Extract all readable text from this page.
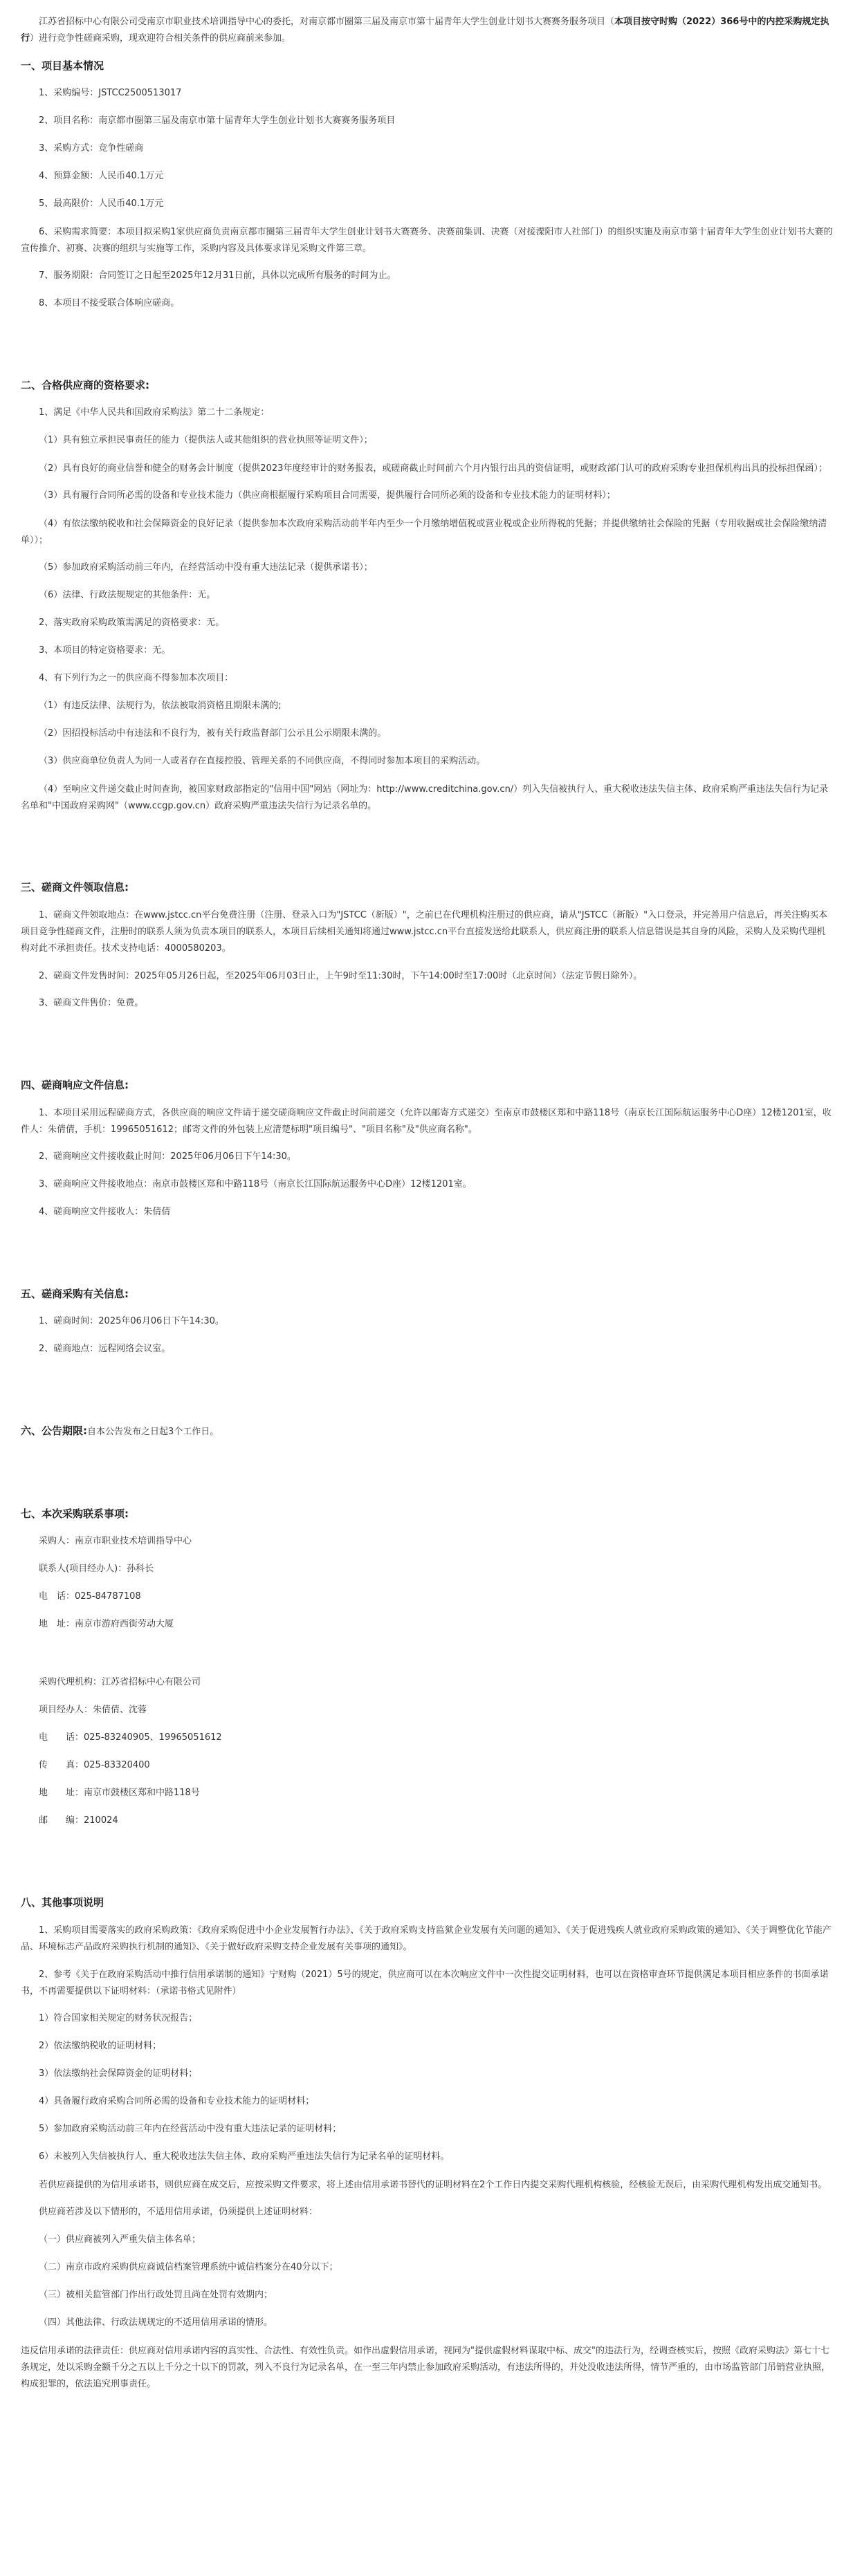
江苏省招标中心有限公司受南京市职业技术培训指导中心的委托，对南京都市圈第三届及南京市第十届青年大学生创业计划书大赛赛务服务项目（本项目按守时购（2022）366号中的内控采购规定执行）进行竞争性磋商采购，现欢迎符合相关条件的供应商前来参加。

一、项目基本情况

1、采购编号：JSTCC2500513017

2、项目名称：南京都市圈第三届及南京市第十届青年大学生创业计划书大赛赛务服务项目

3、采购方式：竞争性磋商

4、预算金额：人民币40.1万元

5、最高限价：人民币40.1万元

6、采购需求简要：本项目拟采购1家供应商负责南京都市圈第三届青年大学生创业计划书大赛赛务、决赛前集训、决赛（对接溧阳市人社部门）的组织实施及南京市第十届青年大学生创业计划书大赛的宣传推介、初赛、决赛的组织与实施等工作，采购内容及具体要求详见采购文件第三章。

7、服务期限：合同签订之日起至2025年12月31日前，具体以完成所有服务的时间为止。

8、本项目不接受联合体响应磋商。

二、合格供应商的资格要求:

1、满足《中华人民共和国政府采购法》第二十二条规定：

（1）具有独立承担民事责任的能力（提供法人或其他组织的营业执照等证明文件）；

（2）具有良好的商业信誉和健全的财务会计制度（提供2023年度经审计的财务报表，或磋商截止时间前六个月内银行出具的资信证明，或财政部门认可的政府采购专业担保机构出具的投标担保函）；

（3）具有履行合同所必需的设备和专业技术能力（供应商根据履行采购项目合同需要，提供履行合同所必须的设备和专业技术能力的证明材料）；

（4）有依法缴纳税收和社会保障资金的良好记录（提供参加本次政府采购活动前半年内至少一个月缴纳增值税或营业税或企业所得税的凭据；并提供缴纳社会保险的凭据（专用收据或社会保险缴纳清单））；

（5）参加政府采购活动前三年内，在经营活动中没有重大违法记录（提供承诺书）；

（6）法律、行政法规规定的其他条件：无。

2、落实政府采购政策需满足的资格要求：无。

3、本项目的特定资格要求：无。

4、有下列行为之一的供应商不得参加本次项目：

（1）有违反法律、法规行为，依法被取消资格且期限未满的;

（2）因招投标活动中有违法和不良行为，被有关行政监督部门公示且公示期限未满的。

（3）供应商单位负责人为同一人或者存在直接控股、管理关系的不同供应商，不得同时参加本项目的采购活动。

（4）至响应文件递交截止时间查询，被国家财政部指定的"信用中国"网站（网址为：http://www.creditchina.gov.cn/）列入失信被执行人、重大税收违法失信主体、政府采购严重违法失信行为记录名单和"中国政府采购网"（www.ccgp.gov.cn）政府采购严重违法失信行为记录名单的。

三、磋商文件领取信息:

1、磋商文件领取地点：在www.jstcc.cn平台免费注册（注册、登录入口为"JSTCC（新版）"，之前已在代理机构注册过的供应商，请从"JSTCC（新版）"入口登录，并完善用户信息后，再关注购买本项目竞争性磋商文件，注册时的联系人须为负责本项目的联系人，本项目后续相关通知将通过www.jstcc.cn平台直接发送给此联系人，供应商注册的联系人信息错误是其自身的风险，采购人及采购代理机构对此不承担责任。技术支持电话：4000580203。

2、磋商文件发售时间：2025年05月26日起，至2025年06月03日止，上午9时至11:30时，下午14:00时至17:00时（北京时间）（法定节假日除外）。

3、磋商文件售价：免费。

四、磋商响应文件信息:

1、本项目采用远程磋商方式，各供应商的响应文件请于递交磋商响应文件截止时间前递交（允许以邮寄方式递交）至南京市鼓楼区郑和中路118号（南京长江国际航运服务中心D座）12楼1201室，收件人：朱倩倩，手机：19965051612；邮寄文件的外包装上应清楚标明"项目编号"、"项目名称"及"供应商名称"。

2、磋商响应文件接收截止时间：2025年06月06日下午14:30。

3、磋商响应文件接收地点：南京市鼓楼区郑和中路118号（南京长江国际航运服务中心D座）12楼1201室。

4、磋商响应文件接收人：朱倩倩

五、磋商采购有关信息:

1、磋商时间：2025年06月06日下午14:30。

2、磋商地点：远程网络会议室。

六、公告期限:自本公告发布之日起3个工作日。
七、本次采购联系事项:

采购人：南京市职业技术培训指导中心

联系人(项目经办人)：孙科长

电　话：025-84787108

地　址：南京市游府西街劳动大厦

采购代理机构：江苏省招标中心有限公司

项目经办人：朱倩倩、沈蓉

电　　话：025-83240905、19965051612

传　　真：025-83320400

地　　址：南京市鼓楼区郑和中路118号

邮　　编：210024

八、其他事项说明

1、采购项目需要落实的政府采购政策：《政府采购促进中小企业发展暂行办法》、《关于政府采购支持监狱企业发展有关问题的通知》、《关于促进残疾人就业政府采购政策的通知》、《关于调整优化节能产品、环境标志产品政府采购执行机制的通知》、《关于做好政府采购支持企业发展有关事项的通知》。

2、参考《关于在政府采购活动中推行信用承诺制的通知》宁财购（2021）5号的规定，供应商可以在本次响应文件中一次性提交证明材料，也可以在资格审查环节提供满足本项目相应条件的书面承诺书，不再需要提供以下证明材料：（承诺书格式见附件）

1）符合国家相关规定的财务状况报告；

2）依法缴纳税收的证明材料；

3）依法缴纳社会保障资金的证明材料；

4）具备履行政府采购合同所必需的设备和专业技术能力的证明材料；

5）参加政府采购活动前三年内在经营活动中没有重大违法记录的证明材料；

6）未被列入失信被执行人、重大税收违法失信主体、政府采购严重违法失信行为记录名单的证明材料。

若供应商提供的为信用承诺书，则供应商在成交后，应按采购文件要求，将上述由信用承诺书替代的证明材料在2个工作日内提交采购代理机构核验，经核验无误后，由采购代理机构发出成交通知书。

供应商若涉及以下情形的，不适用信用承诺，仍须提供上述证明材料：

（一）供应商被列入严重失信主体名单；

（二）南京市政府采购供应商诚信档案管理系统中诚信档案分在40分以下；

（三）被相关监管部门作出行政处罚且尚在处罚有效期内；

（四）其他法律、行政法规规定的不适用信用承诺的情形。

违反信用承诺的法律责任：供应商对信用承诺内容的真实性、合法性、有效性负责。如作出虚假信用承诺，视同为"提供虚假材料谋取中标、成交"的违法行为，经调查核实后，按照《政府采购法》第七十七条规定，处以采购金额千分之五以上千分之十以下的罚款，列入不良行为记录名单，在一至三年内禁止参加政府采购活动，有违法所得的，并处没收违法所得，情节严重的，由市场监管部门吊销营业执照，构成犯罪的，依法追究刑事责任。
